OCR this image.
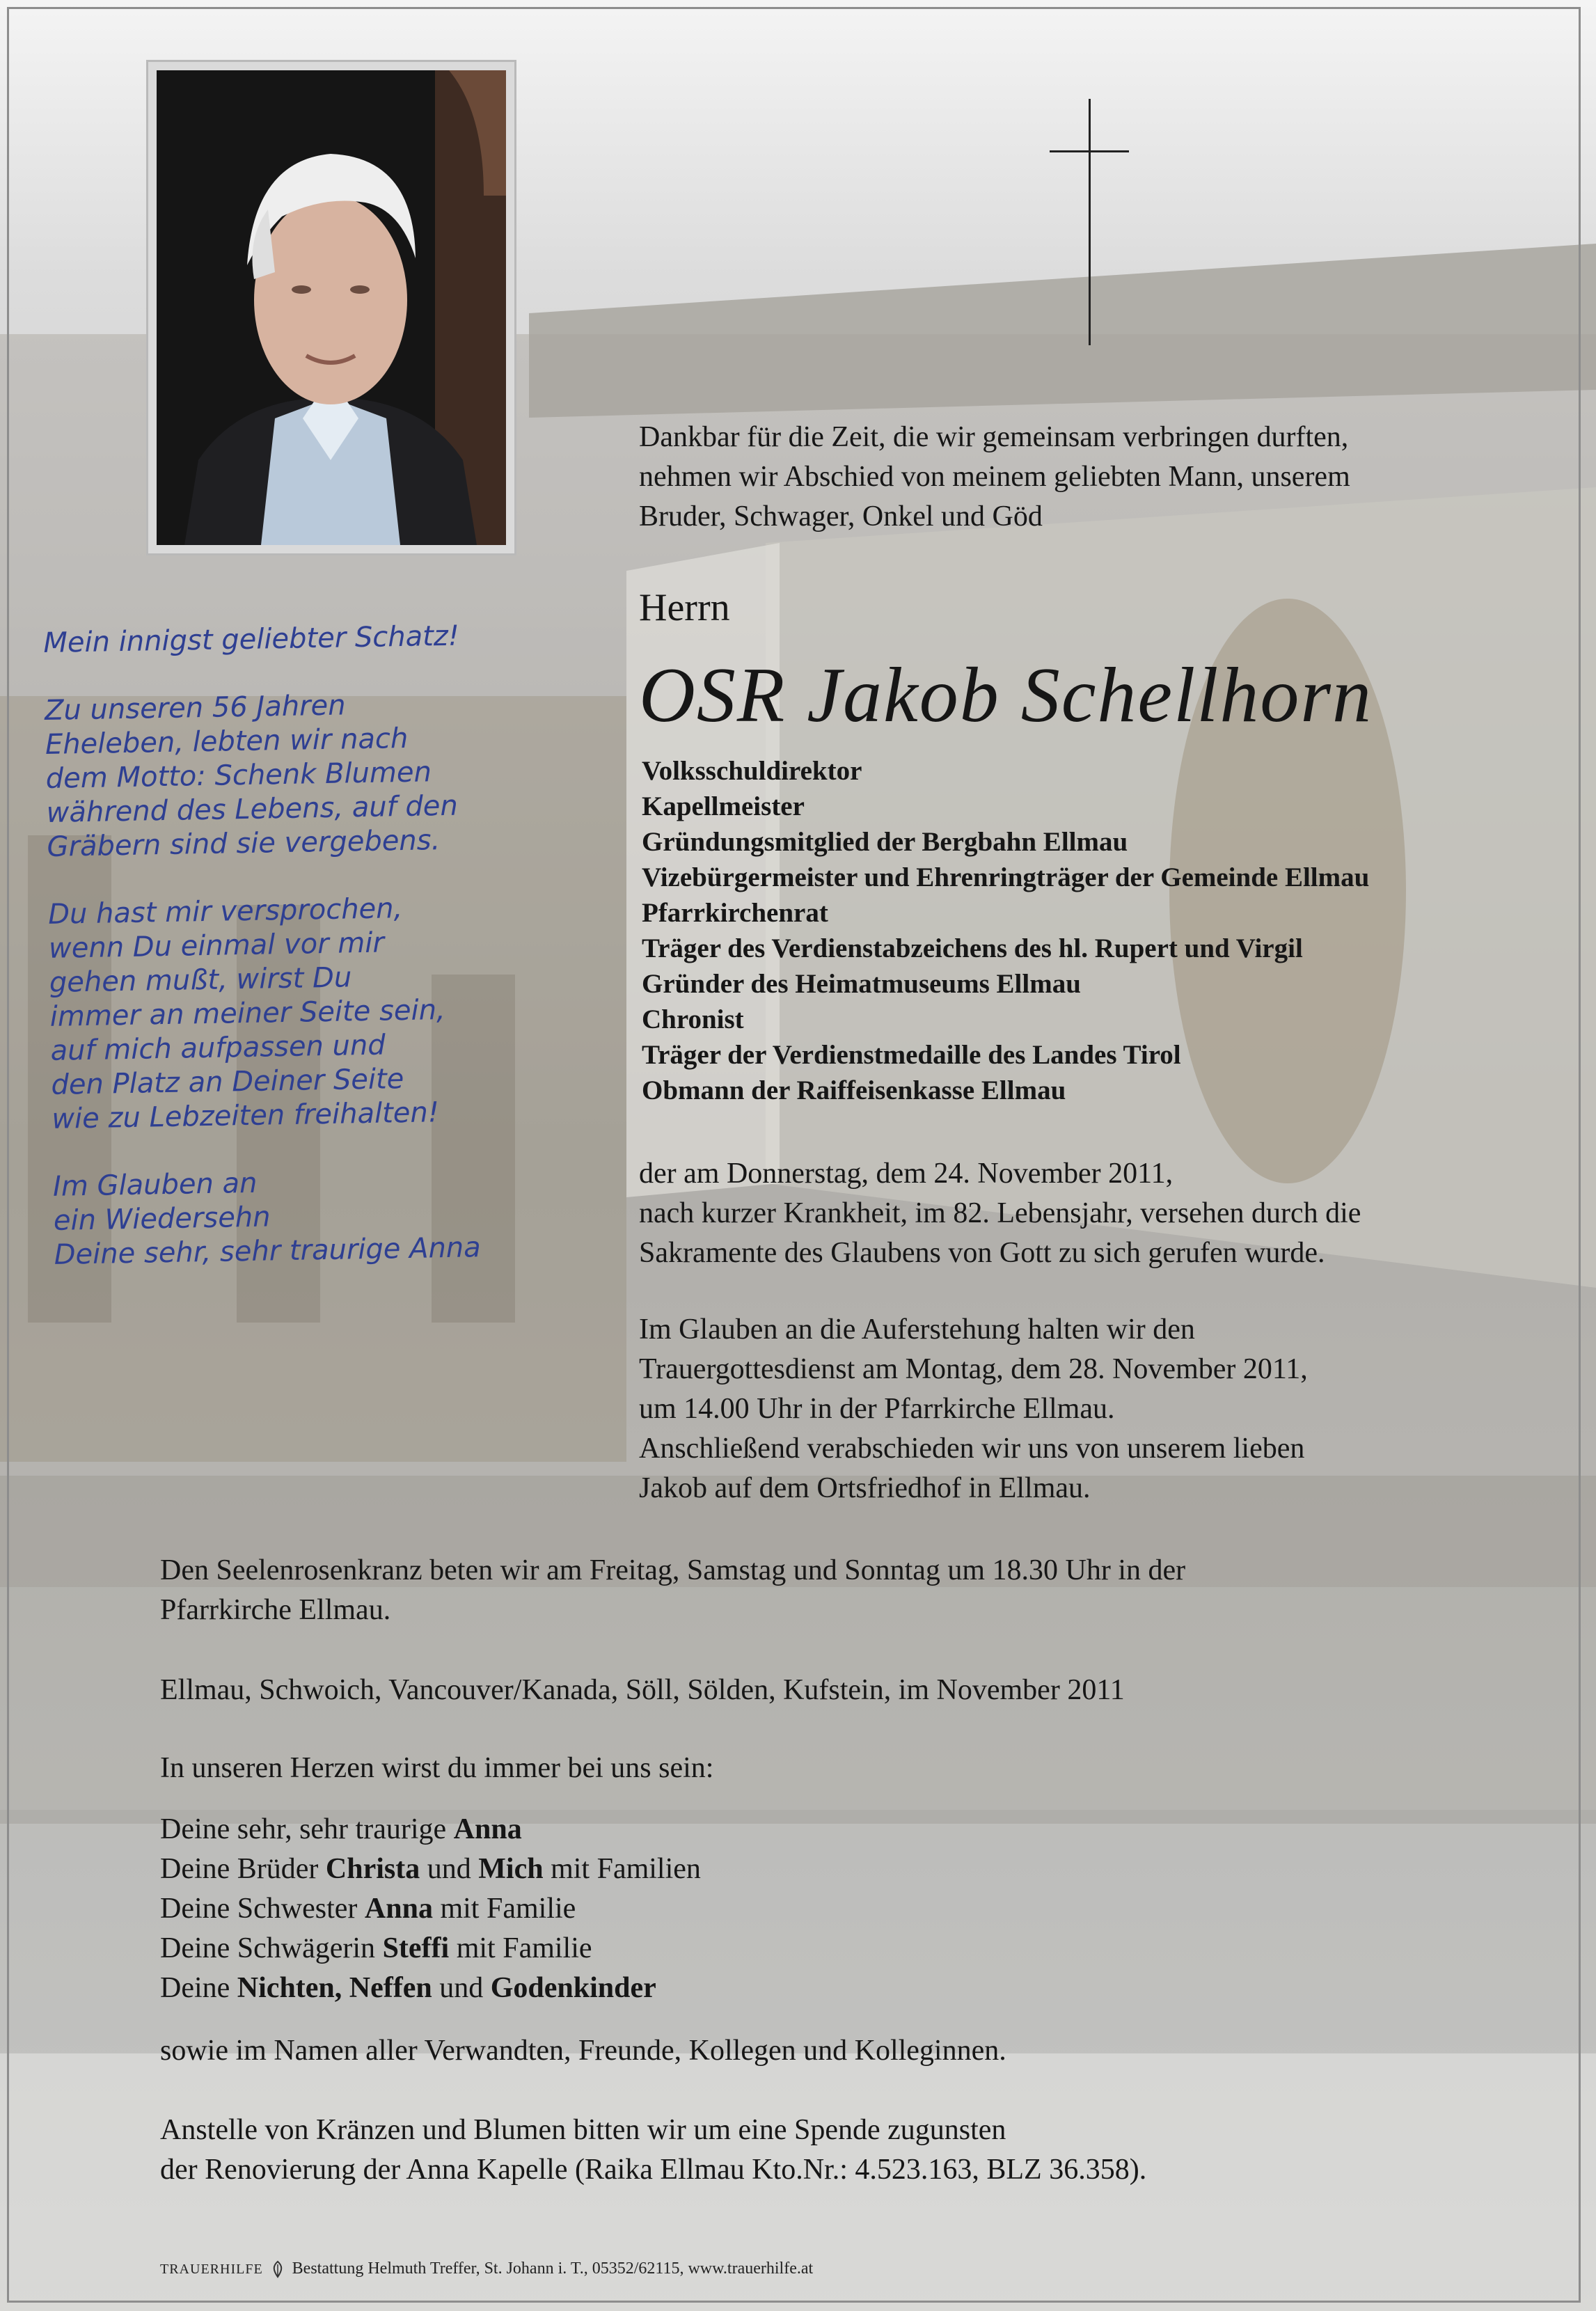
Dankbar für die Zeit, die wir gemeinsam verbringen durften,
nehmen wir Abschied von meinem geliebten Mann, unserem
Bruder, Schwager, Onkel und Göd
Herrn
OSR Jakob Schellhorn
Volksschuldirektor
Kapellmeister
Gründungsmitglied der Bergbahn Ellmau
Vizebürgermeister und Ehrenringträger der Gemeinde Ellmau
Pfarrkirchenrat
Träger des Verdienstabzeichens des hl. Rupert und Virgil
Gründer des Heimatmuseums Ellmau
Chronist
Träger der Verdienstmedaille des Landes Tirol
Obmann der Raiffeisenkasse Ellmau
der am Donnerstag, dem 24. November 2011,
nach kurzer Krankheit, im 82. Lebensjahr, versehen durch die
Sakramente des Glaubens von Gott zu sich gerufen wurde.
Im Glauben an die Auferstehung halten wir den
Trauergottesdienst am Montag, dem 28. November 2011,
um 14.00 Uhr in der Pfarrkirche Ellmau.
Anschließend verabschieden wir uns von unserem lieben
Jakob auf dem Ortsfriedhof in Ellmau.
Mein innigst geliebter Schatz!
Zu unseren 56 Jahren
Eheleben, lebten wir nach
dem Motto: Schenk Blumen
während des Lebens, auf den
Gräbern sind sie vergebens.
Du hast mir versprochen,
wenn Du einmal vor mir
gehen mußt, wirst Du
immer an meiner Seite sein,
auf mich aufpassen und
den Platz an Deiner Seite
wie zu Lebzeiten freihalten!
Im Glauben an
ein Wiedersehn
Deine sehr, sehr traurige Anna
Den Seelenrosenkranz beten wir am Freitag, Samstag und Sonntag um 18.30 Uhr in der
Pfarrkirche Ellmau.
Ellmau, Schwoich, Vancouver/Kanada, Söll, Sölden, Kufstein, im November 2011
In unseren Herzen wirst du immer bei uns sein:
Deine sehr, sehr traurige Anna
Deine Brüder Christa und Mich mit Familien
Deine Schwester Anna mit Familie
Deine Schwägerin Steffi mit Familie
Deine Nichten, Neffen und Godenkinder
sowie im Namen aller Verwandten, Freunde, Kollegen und Kolleginnen.
Anstelle von Kränzen und Blumen bitten wir um eine Spende zugunsten
der Renovierung der Anna Kapelle (Raika Ellmau Kto.Nr.: 4.523.163, BLZ 36.358).
TRAUERHILFE Bestattung Helmuth Treffer, St. Johann i. T., 05352/62115, www.trauerhilfe.at
